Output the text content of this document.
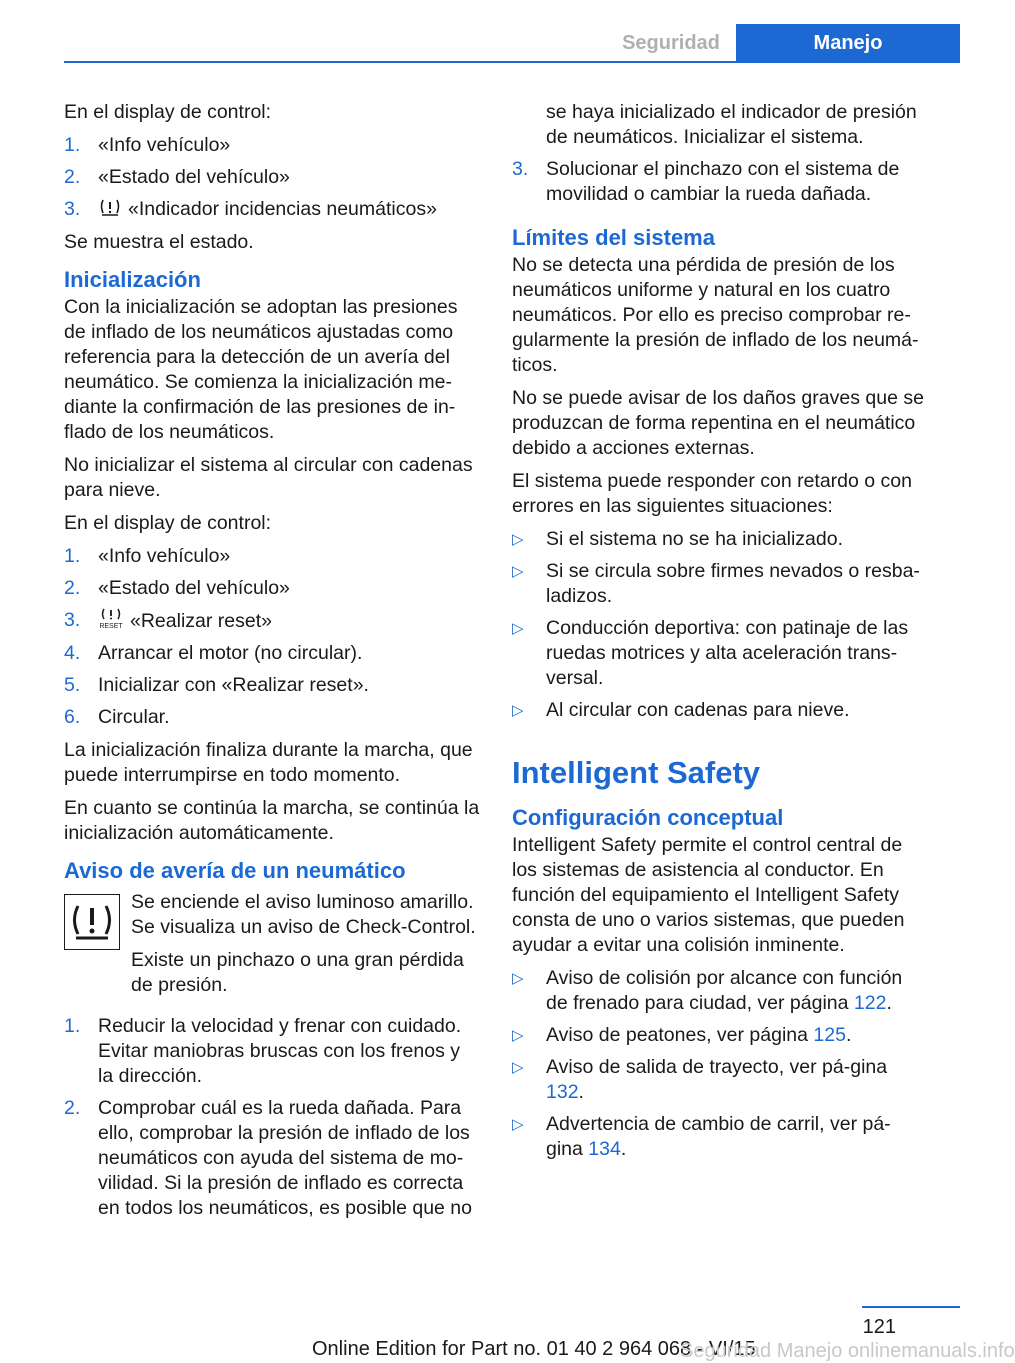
Seguridad	Manejo

En el display de control:

1. «Info vehículo»
2. «Estado del vehículo»
3. «Indicador incidencias neumáticos»

Se muestra el estado.

Inicialización

Con la inicialización se adoptan las presiones de inflado de los neumáticos ajustadas como referencia para la detección de un avería del neumático. Se comienza la inicialización me-diante la confirmación de las presiones de in-flado de los neumáticos.

No inicializar el sistema al circular con cadenas para nieve.

En el display de control:

1. «Info vehículo»
2. «Estado del vehículo»
3.	RESET «Realizar reset»
4. Arrancar el motor (no circular).
5. Inicializar con «Realizar reset».
6. Circular.

La inicialización finaliza durante la marcha, que puede interrumpirse en todo momento.

En cuanto se continúa la marcha, se continúa la inicialización automáticamente.

Aviso de avería de un neumático

Se enciende el aviso luminoso amarillo. Se visualiza un aviso de Check-Control.

Existe un pinchazo o una gran pérdida de presión.

1. Reducir la velocidad y frenar con cuidado. Evitar maniobras bruscas con los frenos y la dirección.
2. Comprobar cuál es la rueda dañada. Para ello, comprobar la presión de inflado de los neumáticos con ayuda del sistema de mo-vilidad. Si la presión de inflado es correcta en todos los neumáticos, es posible que no
se haya inicializado el indicador de presión de neumáticos. Inicializar el sistema.
3. Solucionar el pinchazo con el sistema de movilidad o cambiar la rueda dañada.
Límites del sistema

No se detecta una pérdida de presión de los neumáticos uniforme y natural en los cuatro neumáticos. Por ello es preciso comprobar re-gularmente la presión de inflado de los neumá-ticos.

No se puede avisar de los daños graves que se produzcan de forma repentina en el neumático debido a acciones externas.

El sistema puede responder con retardo o con errores en las siguientes situaciones:

▷ Si el sistema no se ha inicializado.
▷ Si se circula sobre firmes nevados o resba-ladizos.
▷ Conducción deportiva: con patinaje de las ruedas motrices y alta aceleración trans-versal.
▷ Al circular con cadenas para nieve.
Intelligent Safety
Configuración conceptual

Intelligent Safety permite el control central de los sistemas de asistencia al conductor. En función del equipamiento el Intelligent Safety consta de uno o varios sistemas, que pueden ayudar a evitar una colisión inminente.

▷ Aviso de colisión por alcance con función de frenado para ciudad, ver página 122.
▷ Aviso de peatones, ver página 125.
▷ Aviso de salida de trayecto, ver pá-gina 132.
▷ Advertencia de cambio de carril, ver pá-gina 134.
121
Online Edition for Part no. 01 40 2 964 068 - VI/15
Seguridad Manejo onlinemanuals.info
